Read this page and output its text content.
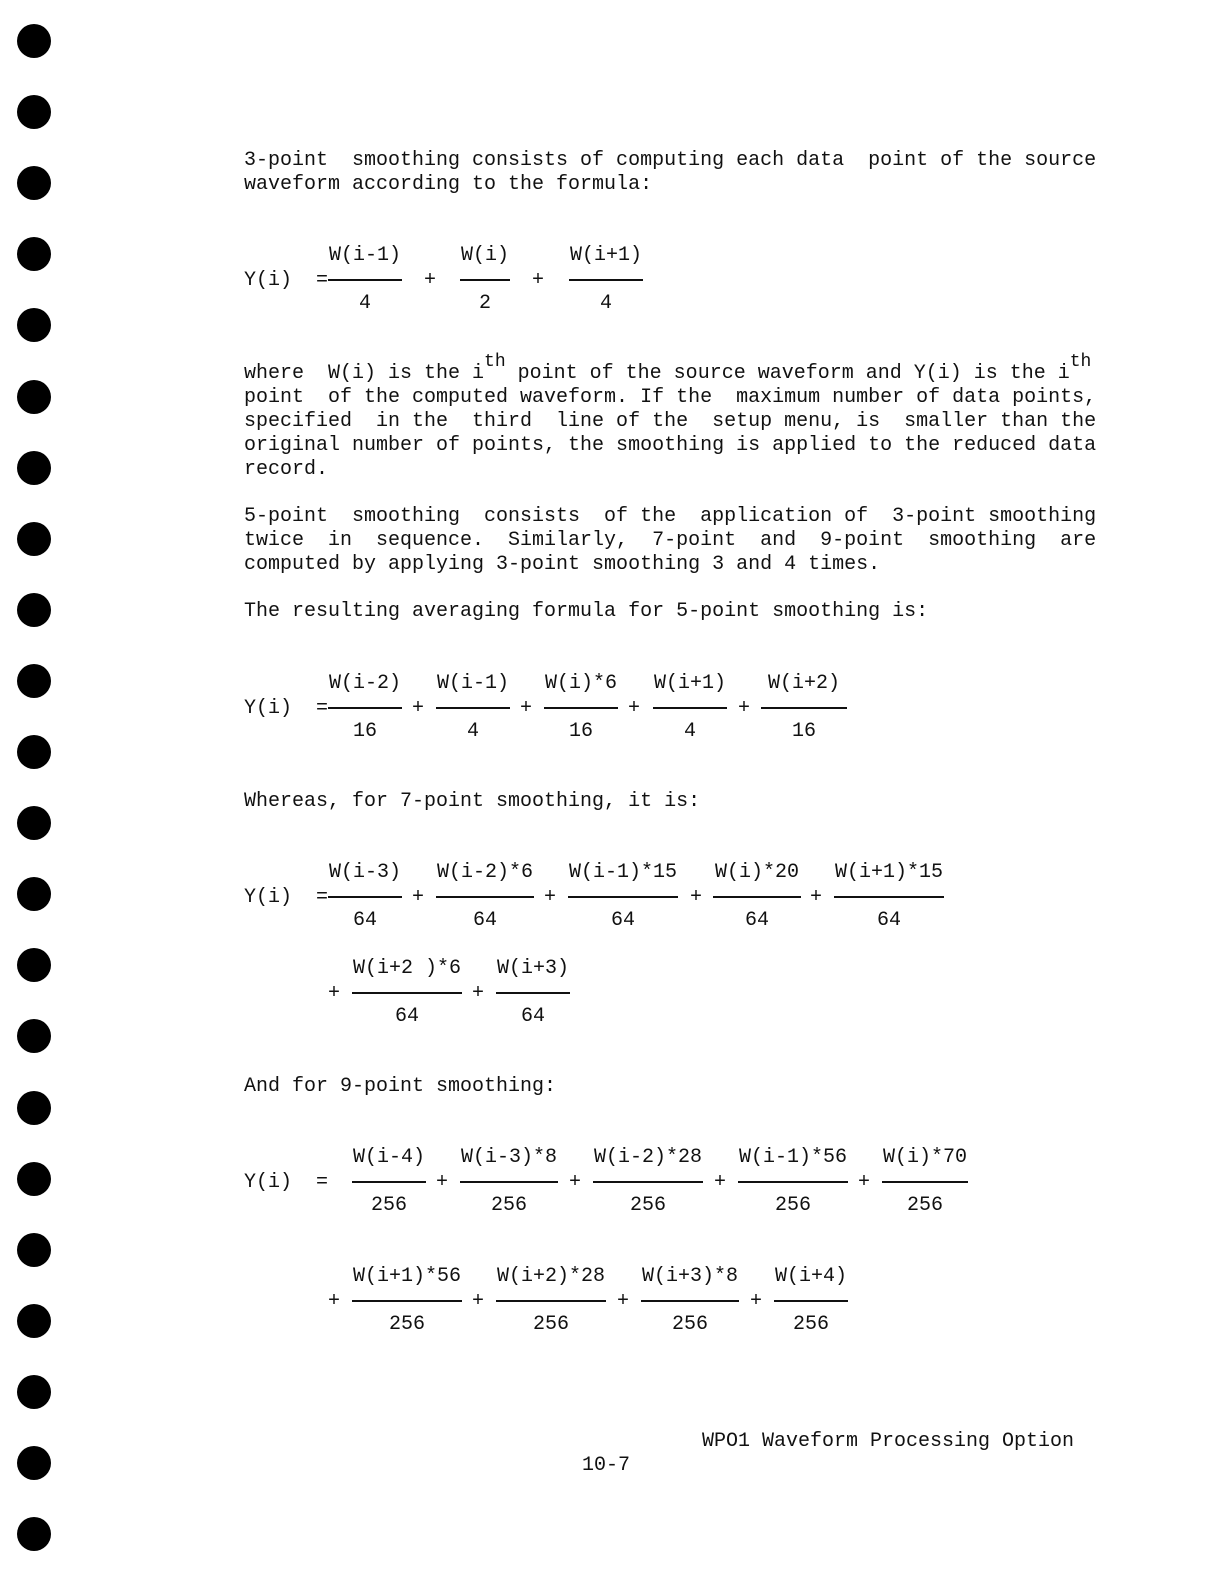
3-point  smoothing consists of computing each data  point of the source
waveform according to the formula:
Y(i)  =
W(i-1)
4
+
W(i)
2
+
W(i+1)
4
where  W(i) is the $i^{th}$ point of the source waveform and Y(i) is the $i^{th}$
point  of the computed waveform. If the  maximum number of data points,
specified  in the  third  line of the  setup menu, is  smaller than the
original number of points, the smoothing is applied to the reduced data
record.
5-point  smoothing  consists  of the  application of  3-point smoothing
twice  in  sequence.  Similarly,  7-point  and  9-point  smoothing  are
computed by applying 3-point smoothing 3 and 4 times.
The resulting averaging formula for 5-point smoothing is:
Y(i)  =
W(i-2)
16
+
W(i-1)
4
+
W(i)*6
16
+
W(i+1)
4
+
W(i+2)
16
Whereas, for 7-point smoothing, it is:
Y(i)  =
W(i-3)
64
+
W(i-2)*6
64
+
W(i-1)*15
64
+
W(i)*20
64
+
W(i+1)*15
64
+
W(i+2 )*6
64
+
W(i+3)
64
And for 9-point smoothing:
Y(i)  =
W(i-4)
256
+
W(i-3)*8
256
+
W(i-2)*28
256
+
W(i-1)*56
256
+
W(i)*70
256
+
W(i+1)*56
256
+
W(i+2)*28
256
+
W(i+3)*8
256
+
W(i+4)
256
WPO1 Waveform Processing Option
10-7
